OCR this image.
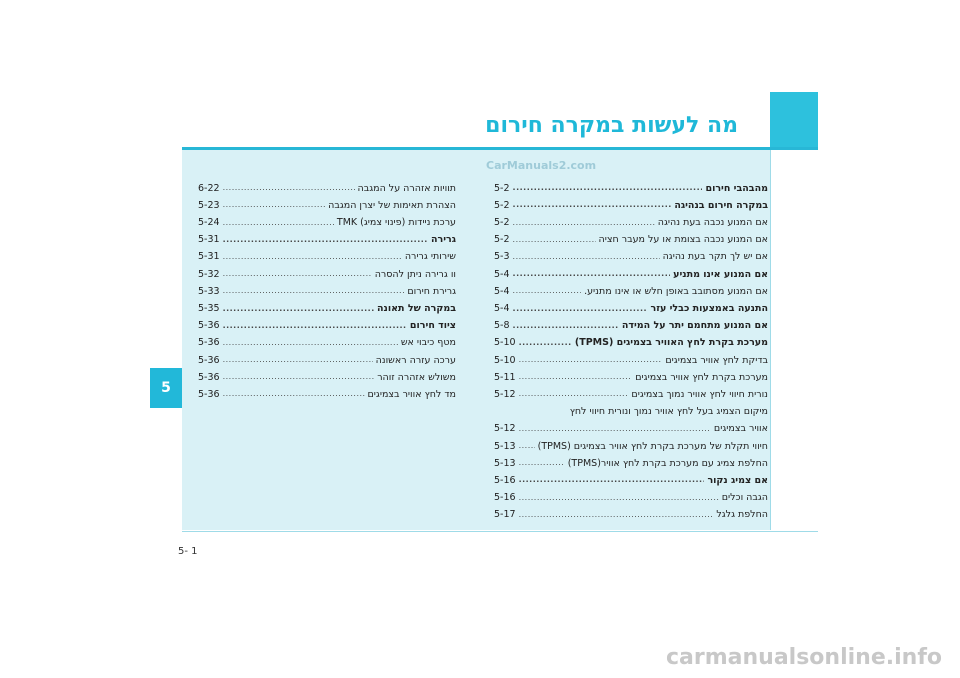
מה לעשות במקרה חירום
5
CarManuals2.com
5-2 .....	מהבהבי חירום
5-2 .....	במקרה חירום בנהיגה
5-2 .....	אם המנוע נכבה בעת נהיגה
5-2 .....	אם המנוע נכבה בצומת או על מעבר חציה
5-3 .....	אם יש לך תקר בעת נהיגה
5-4 .....	אם המנוע אינו מתניע
5-4 .....	אם המנוע מסתובב באופן חלש או אינו מתניע.
5-4 .....	התנעה באמצעות כבלי עזר
5-8 .....	אם המנוע מתחמם יתר על המידה
5-10 .....	מערכת בקרת לחץ האוויר בצמיגים (TPMS)
5-10 .....	בדיקת לחץ אוויר בצמיגים
5-11 .....	מערכת בקרת לחץ אוויר בצמיגים
5-12 .....	נורית חיווי לחץ אוויר נמוך בצמיגים
מיקום הצמיג בעל לחץ אוויר נמוך ונורית חיווי לחץ
5-12 .....	אוויר בצמיגים
5-13 ..... חיווי תקלת של מערכת בקרת לחץ אוויר בצמיגים (TPMS)
5-13 .....	החלפת צמיג עם מערכת בקרת לחץ אוויר(TPMS)
5-16 .....	אם צמיג נקור
5-16 .....	הגבה וכלים
5-17 .....	החלפת גלגל
6-22 .....	תוויות אזהרה על המגבה
5-23 .....	הצהרת תאימות של יצרן המגבה
5-24 .....	ערכת ניידות (פינוי צמיג) TMK
5-31 .....	גרירה
5-31 .....	שירותי גרירה
5-32 .....	וו גרירה ניתן להסרה
5-33 .....	גרירת חירום
5-35 .....	במקרה של תאונה
5-36 .....	ציוד חירום
5-36 .....	מטף כיבוי אש
5-36 .....	ערכה עזרה ראשונה
5-36 .....	משולש אזהרה זוהר
5-36 .....	מד לחץ אוויר בצמיגים
5- 1
carmanualsonline.info
